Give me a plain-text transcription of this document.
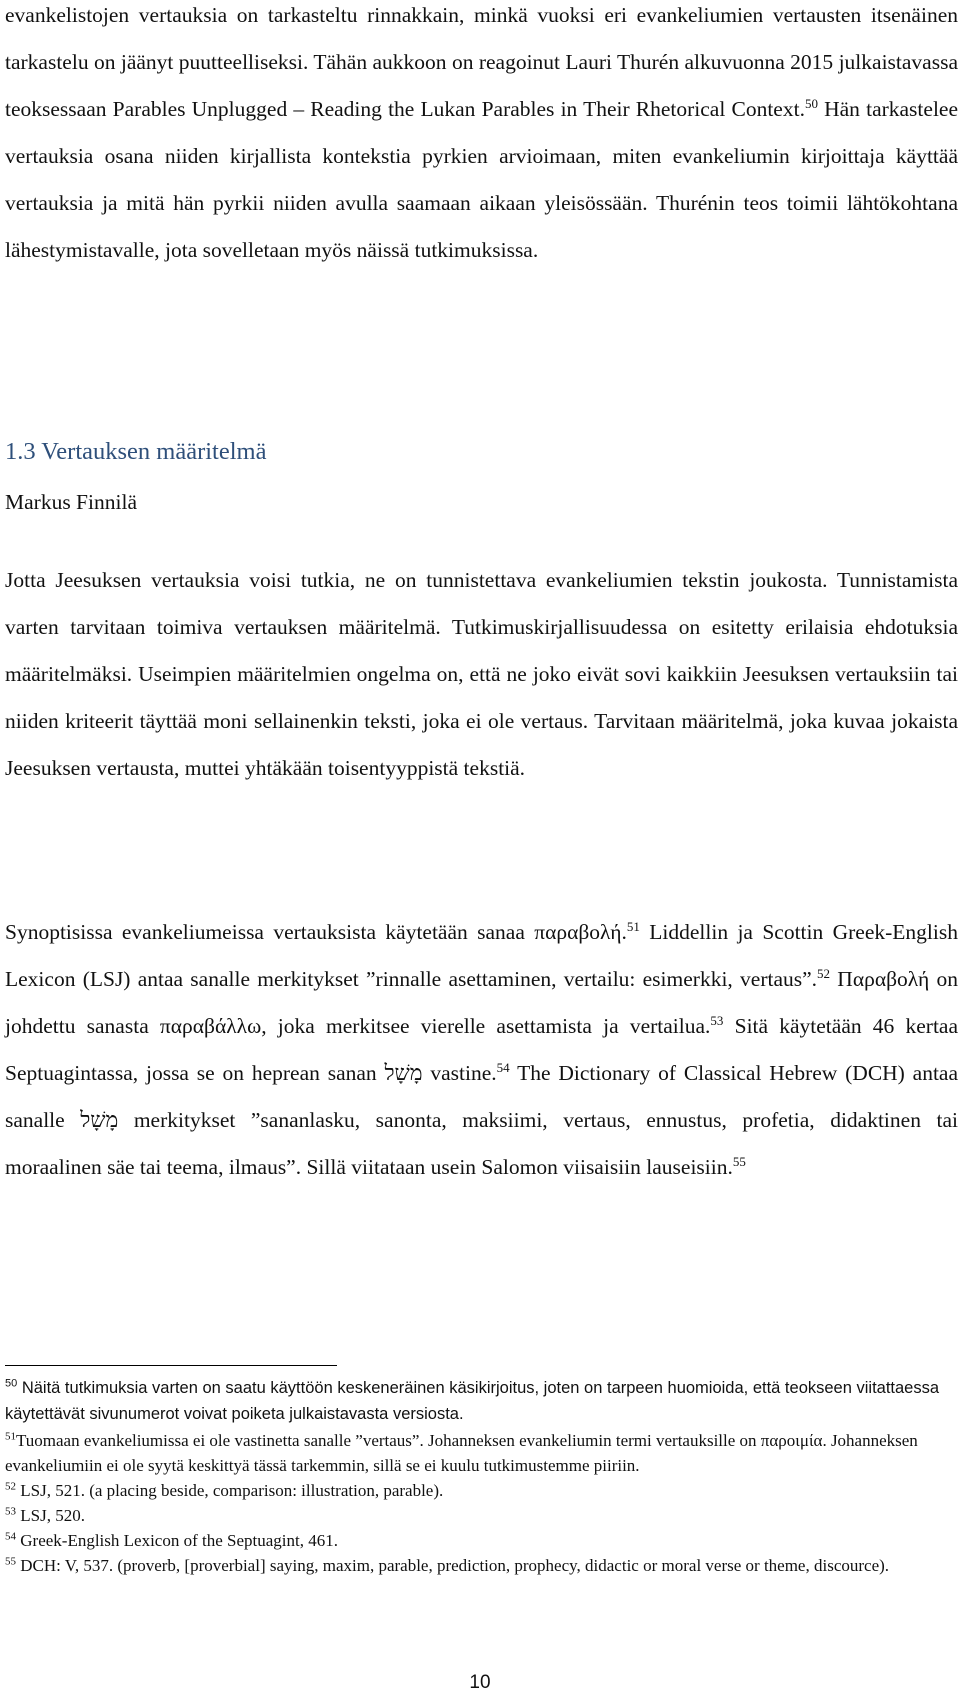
evankelistojen vertauksia on tarkasteltu rinnakkain, minkä vuoksi eri evankeliumien vertausten itsenäinen tarkastelu on jäänyt puutteelliseksi. Tähän aukkoon on reagoinut Lauri Thurén alkuvuonna 2015 julkaistavassa teoksessaan Parables Unplugged – Reading the Lukan Parables in Their Rhetorical Context.$^{50}$ Hän tarkastelee vertauksia osana niiden kirjallista kontekstia pyrkien arvioimaan, miten evankeliumin kirjoittaja käyttää vertauksia ja mitä hän pyrkii niiden avulla saamaan aikaan yleisössään. Thurénin teos toimii lähtökohtana lähestymistavalle, jota sovelletaan myös näissä tutkimuksissa.

1.3 Vertauksen määritelmä

Markus Finnilä

Jotta Jeesuksen vertauksia voisi tutkia, ne on tunnistettava evankeliumien tekstin joukosta. Tunnistamista varten tarvitaan toimiva vertauksen määritelmä. Tutkimuskirjallisuudessa on esitetty erilaisia ehdotuksia määritelmäksi. Useimpien määritelmien ongelma on, että ne joko eivät sovi kaikkiin Jeesuksen vertauksiin tai niiden kriteerit täyttää moni sellainenkin teksti, joka ei ole vertaus. Tarvitaan määritelmä, joka kuvaa jokaista Jeesuksen vertausta, muttei yhtäkään toisentyyppistä tekstiä.

Synoptisissa evankeliumeissa vertauksista käytetään sanaa παραβολή.$^{51}$ Liddellin ja Scottin Greek-English Lexicon (LSJ) antaa sanalle merkitykset ”rinnalle asettaminen, vertailu: esimerkki, vertaus”.$^{52}$ Παραβολή on johdettu sanasta παραβάλλω, joka merkitsee vierelle asettamista ja vertailua.$^{53}$ Sitä käytetään 46 kertaa Septuagintassa, jossa se on heprean sanan מָשָׁל vastine.$^{54}$ The Dictionary of Classical Hebrew (DCH) antaa sanalle מָשָׁל merkitykset ”sananlasku, sanonta, maksiimi, vertaus, ennustus, profetia, didaktinen tai moraalinen säe tai teema, ilmaus”. Sillä viitataan usein Salomon viisaisiin lauseisiin.$^{55}$

$^{50}$ Näitä tutkimuksia varten on saatu käyttöön keskeneräinen käsikirjoitus, joten on tarpeen huomioida, että teokseen viitattaessa käytettävät sivunumerot voivat poiketa julkaistavasta versiosta.

$^{51}$Tuomaan evankeliumissa ei ole vastinetta sanalle ”vertaus”. Johanneksen evankeliumin termi vertauksille on παροιμία. Johanneksen evankeliumiin ei ole syytä keskittyä tässä tarkemmin, sillä se ei kuulu tutkimustemme piiriin.

$^{52}$ LSJ, 521. (a placing beside, comparison: illustration, parable).

$^{53}$ LSJ, 520.

$^{54}$ Greek-English Lexicon of the Septuagint, 461.

$^{55}$ DCH: V, 537. (proverb, [proverbial] saying, maxim, parable, prediction, prophecy, didactic or moral verse or theme, discource).

10
